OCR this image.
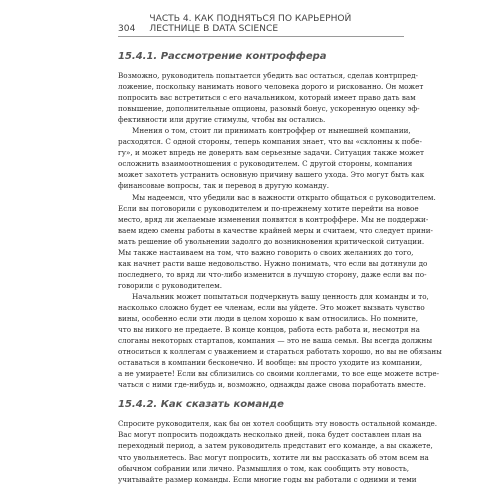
304
ЧАСТЬ 4. КАК ПОДНЯТЬСЯ ПО КАРЬЕРНОЙ ЛЕСТНИЦЕ В DATA SCIENCE
15.4.1. Рассмотрение контроффера

Возможно, руководитель попытается убедить вас остаться, сделав контрпред-

ложение, поскольку нанимать нового человека дорого и рискованно. Он может

попросить вас встретиться с его начальником, который имеет право дать вам

повышение, дополнительные опционы, разовый бонус, ускоренную оценку эф-

фективности или другие стимулы, чтобы вы остались.

Мнения о том, стоит ли принимать контроффер от нынешней компании,

расходятся. С одной стороны, теперь компания знает, что вы «склонны к побе-

гу», и может впредь не доверять вам серьезные задачи. Ситуация также может

осложнить взаимоотношения с руководителем. С другой стороны, компания

может захотеть устранить основную причину вашего ухода. Это могут быть как

финансовые вопросы, так и перевод в другую команду.

Мы надеемся, что убедили вас в важности открыто общаться с руководителем.

Если вы поговорили с руководителем и по-прежнему хотите перейти на новое

место, вряд ли желаемые изменения появятся в контроффере. Мы не поддержи-

ваем идею смены работы в качестве крайней меры и считаем, что следует прини-

мать решение об увольнении задолго до возникновения критической ситуации.

Мы также настаиваем на том, что важно говорить о своих желаниях до того,

как начнет расти ваше недовольство. Нужно понимать, что если вы дотянули до

последнего, то вряд ли что-либо изменится в лучшую сторону, даже если вы по-

говорили с руководителем.

Начальник может попытаться подчеркнуть вашу ценность для команды и то,

насколько сложно будет ее членам, если вы уйдете. Это может вызвать чувство

вины, особенно если эти люди в целом хорошо к вам относились. Но помните,

что вы никого не предаете. В конце концов, работа есть работа и, несмотря на

слоганы некоторых стартапов, компания — это не ваша семья. Вы всегда должны

относиться к коллегам с уважением и стараться работать хорошо, но вы не обязаны

оставаться в компании бесконечно. И вообще: вы просто уходите из компании,

а не умираете! Если вы сблизились со своими коллегами, то все еще можете встре-

чаться с ними где-нибудь и, возможно, однажды даже снова поработать вместе.

15.4.2. Как сказать команде

Спросите руководителя, как бы он хотел сообщить эту новость остальной команде.

Вас могут попросить подождать несколько дней, пока будет составлен план на

переходный период, а затем руководитель представит его команде, а вы скажете,

что увольняетесь. Вас могут попросить, хотите ли вы рассказать об этом всем на

обычном собрании или лично. Размышляя о том, как сообщить эту новость,

учитывайте размер команды. Если многие годы вы работали с одними и теми
